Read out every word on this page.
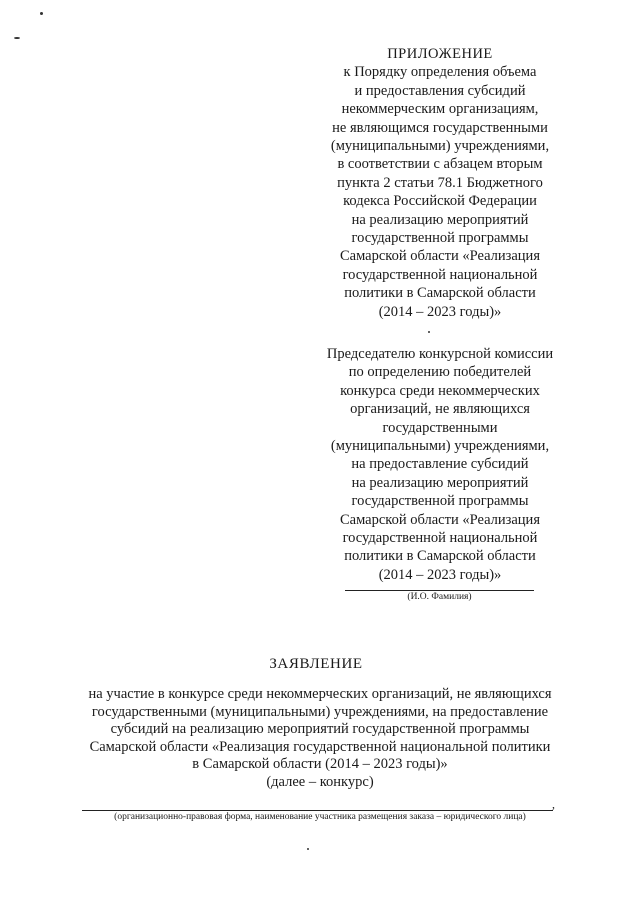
ПРИЛОЖЕНИЕ
к Порядку определения объема
и предоставления субсидий
некоммерческим организациям,
не являющимся государственными
(муниципальными) учреждениями,
в соответствии с абзацем вторым
пункта 2 статьи 78.1 Бюджетного
кодекса Российской Федерации
на реализацию мероприятий
государственной программы
Самарской области «Реализация
государственной национальной
политики в Самарской области
(2014 – 2023 годы)»
Председателю конкурсной комиссии
по определению победителей
конкурса среди некоммерческих
организаций, не являющихся
государственными
(муниципальными) учреждениями,
на предоставление субсидий
на реализацию мероприятий
государственной программы
Самарской области «Реализация
государственной национальной
политики в Самарской области
(2014 – 2023 годы)»
(И.О. Фамилия)
ЗАЯВЛЕНИЕ
на участие в конкурсе среди некоммерческих организаций, не являющихся
государственными (муниципальными) учреждениями, на предоставление
субсидий на реализацию мероприятий государственной программы
Самарской области «Реализация государственной национальной политики
в Самарской области (2014 – 2023 годы)»
(далее – конкурс)
,
(организационно-правовая форма, наименование участника размещения заказа – юридического лица)
